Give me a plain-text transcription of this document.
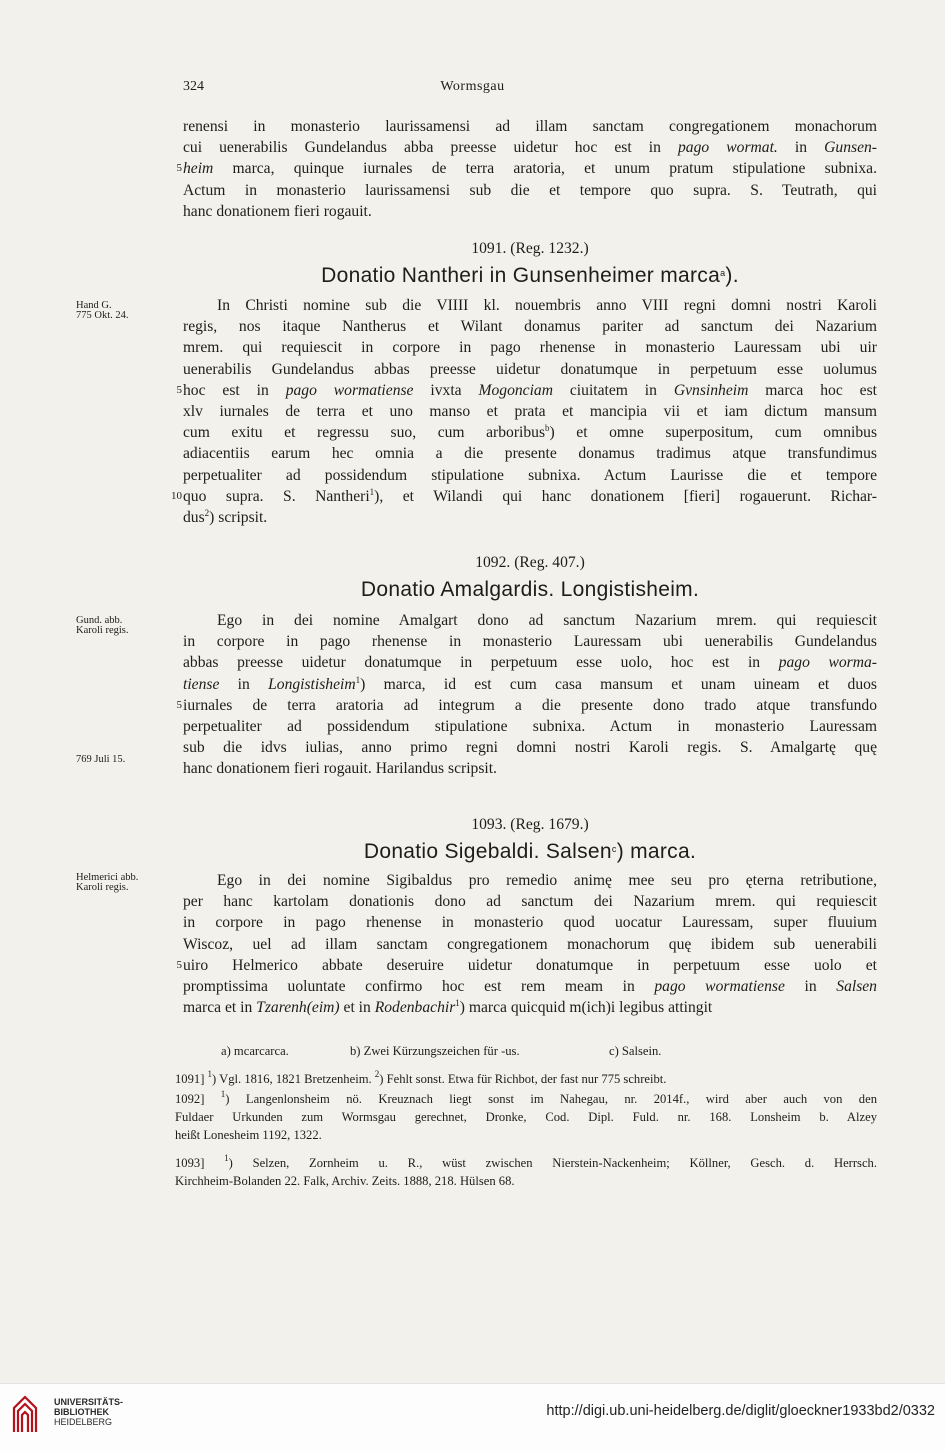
324	Wormsgau
renensi in monasterio laurissamensi ad illam sanctam congregationem monachorum
cui uenerabilis Gundelandus abba preesse uidetur hoc est in pago wormat. in Gunsen-
heim marca, quinque iurnales de terra aratoria, et unum pratum stipulatione subnixa.
Actum in monasterio laurissamensi sub die et tempore quo supra. S. Teutrath, qui
hanc donationem fieri rogauit.
1091. (Reg. 1232.)
Donatio Nantheri in Gunsenheimer marca$^a$).
Hand G.
775 Okt. 24.
In Christi nomine sub die VIIII kl. nouembris anno VIII regni domni nostri Karoli
regis, nos itaque Nantherus et Wilant donamus pariter ad sanctum dei Nazarium
mrem. qui requiescit in corpore in pago rhenense in monasterio Lauressam ubi uir
uenerabilis Gundelandus abbas preesse uidetur donatumque in perpetuum esse uolumus
hoc est in pago wormatiense ivxta Mogonciam ciuitatem in Gvnsinheim marca hoc est
xlv iurnales de terra et uno manso et prata et mancipia vii et iam dictum mansum
cum exitu et regressu suo, cum arboribus$^b$) et omne superpositum, cum omnibus
adiacentiis earum hec omnia a die presente donamus tradimus atque transfundimus
perpetualiter ad possidendum stipulatione subnixa. Actum Laurisse die et tempore
quo supra. S. Nantheri$^1$), et Wilandi qui hanc donationem [fieri] rogauerunt. Richar-
dus$^2$) scripsit.
1092. (Reg. 407.)
Donatio Amalgardis. Longistisheim.
Gund. abb.
Karoli regis.
769 Juli 15.
Ego in dei nomine Amalgart dono ad sanctum Nazarium mrem. qui requiescit
in corpore in pago rhenense in monasterio Lauressam ubi uenerabilis Gundelandus
abbas preesse uidetur donatumque in perpetuum esse uolo, hoc est in pago worma-
tiense in Longistisheim$^1$) marca, id est cum casa mansum et unam uineam et duos
iurnales de terra aratoria ad integrum a die presente dono trado atque transfundo
perpetualiter ad possidendum stipulatione subnixa. Actum in monasterio Lauressam
sub die idvs iulias, anno primo regni domni nostri Karoli regis. S. Amalgartę quę
hanc donationem fieri rogauit. Harilandus scripsit.
1093. (Reg. 1679.)
Donatio Sigebaldi. Salsen$^c$) marca.
Helmerici abb.
Karoli regis.	Ego in dei nomine Sigibaldus pro remedio animę mee seu pro ęterna retributione,
per hanc kartolam donationis dono ad sanctum dei Nazarium mrem. qui requiescit
in corpore in pago rhenense in monasterio quod uocatur Lauressam, super fluuium
Wiscoz, uel ad illam sanctam congregationem monachorum quę ibidem sub uenerabili
uiro Helmerico abbate deseruire uidetur donatumque in perpetuum esse uolo et
promptissima uoluntate confirmo hoc est rem meam in pago wormatiense in Salsen
marca et in Tzarenh(eim) et in Rodenbachir$^1$) marca quicquid m(ich)i legibus attingit
a) mcarcarca.	b) Zwei Kürzungszeichen für -us.	c) Salsein.
1091] $^1$) Vgl. 1816, 1821 Bretzenheim. $^2$) Fehlt sonst. Etwa für Richbot, der fast nur 775 schreibt.
1092] $^1$) Langenlonsheim nö. Kreuznach liegt sonst im Nahegau, nr. 2014f., wird aber auch von den
Fuldaer Urkunden zum Wormsgau gerechnet, Dronke, Cod. Dipl. Fuld. nr. 168. Lonsheim b. Alzey
heißt Lonesheim 1192, 1322.
1093] $^1$) Selzen, Zornheim u. R., wüst zwischen Nierstein-Nackenheim; Köllner, Gesch. d. Herrsch.
Kirchheim-Bolanden 22. Falk, Archiv. Zeits. 1888, 218. Hülsen 68.
UNIVERSITÄTS-
BIBLIOTHEK
HEIDELBERG
http://digi.ub.uni-heidelberg.de/diglit/gloeckner1933bd2/0332
5
5
10
5
5
